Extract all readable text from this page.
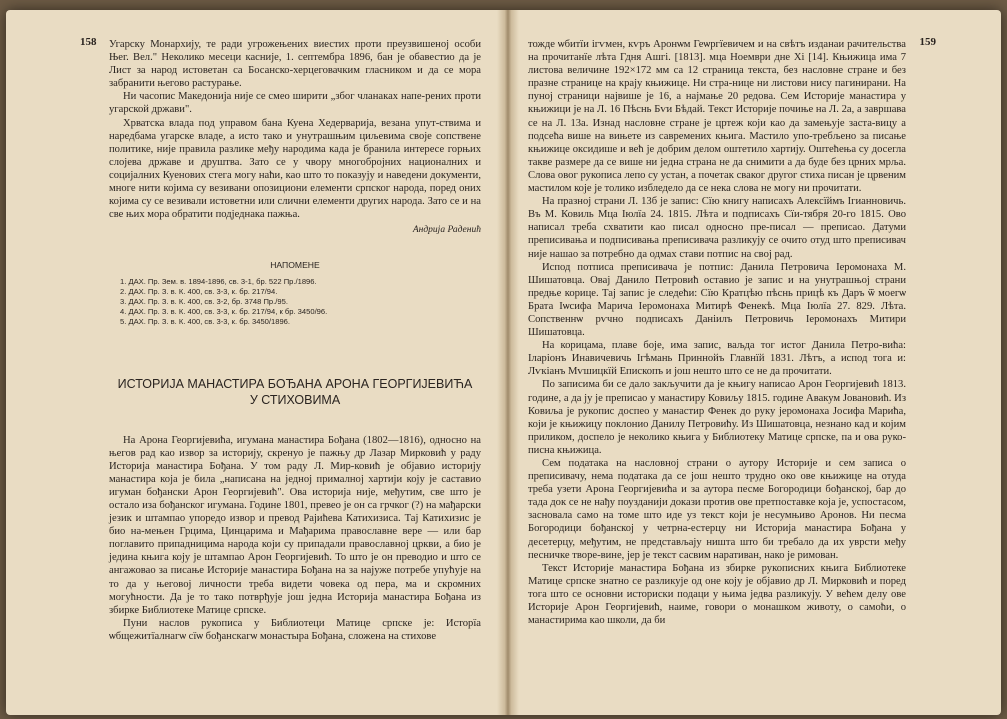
158 Угарску Монархију, те ради угрожењених виестих прoти преузвишеној особи Њег. Вел." Неколико месеци касније, 1. септембра 1896, бан је обавестиo да је Лист за народ истоветан са Босанско-херцеговачким гласником и да се мора забранити његово растурање.

Ни часопис Македонија није се смео ширити „због чланакаx напе-рених проти угарской држави".

Хрватска влада под управом бана Куена Хедерварија, везана упут-ствима и наредбама угарске владе, а исто тако и унутрашњим циљевима своје сопствене политике, није правила разлике међу народима када је бранила интересе горњих слојева државе и друштва. Зато се у чвору многобројних националних и социјалних Куенових стега могу наћи, као што то показују и наведени документи, многе нити којима су везивани опозициони елементи српског народа, поред оних којима су се везивали истоветни или слични елементи других народа. Зато се и на све њих мора обратити подједнака пажња.

Андрија Раденић
НАПОМЕНЕ
1. ДАХ. Пр. Зем. в. 1894-1896, св. 3-1, бр. 522 Пр./1896.
2. ДАХ. Пр. З. в. К. 400, св. 3-3, к. бр. 217/94.
3. ДАХ. Пр. З. в. К. 400, св. 3-2, бр. 3748 Пр./95.
4. ДАХ. Пр. З. в. К. 400, св. 3-3, к. бр. 217/94, к бр. 3450/96.
5. ДАХ. Пр. З. в. К. 400, св. 3-3, к. бр. 3450/1896.
ИСТОРИЈА МАНАСТИРА БОЂАНА АРОНА ГЕОРГИЈЕВИЋА
У СТИХОВИМА

На Арона Георгијевића, игумана манастира Бођана (1802—1816), односно на његов рад као извор за историју, скренуо је пажњу др Лазар Мирковић у раду Историја манастира Бођана. У том раду Л. Мир-ковић је објавио историју манастира која је била „написана на једној прималној хартији коју је саставио игуман бођански Арон Георгијевић". Ова историја није, међутим, све што је остало иза бођанског игумана. Године 1801, превео је он са грчког (?) на мађарски језик и штампао упоредо извор и превод Рајићева Катихизиса. Тај Катихизис је био на-мењен Грцима, Цинцарима и Мађарима православне вере — или бар поглавито припадницима народа који су припадали православној цркви, а био је једина књига коју је штампао Арон Георгијевић. То што је он преводио и што се ангажовао за писање Историје манастира Бођана на за најуже потребе упућује на то да у његовој личности треба видети човека од пера, ма и скромних могућности. Да је то тако потврђује још једна Историја манастира Бођана из збирке Библиотеке Матице српске.

Пуни наслов рукописа у Библиотеци Матице српске је: Исторїа ѡбщежитїалнагѡ сїѡ бођанскагѡ монастыра Бођана, сложена на стихове

159

тожде ѡбитїи ігѵмен, кѵръ Аронѡм Геѡргїевичем и на свѣтъ изданаи рачительства на прочитанїе лѣта Гдня Ашгі. [1813]. мца Ноември дне Хі [14]. Књижица има 7 листова величине 192×172 мм са 12 страница текста, без насловне стране и без празне странице на крају књижице. Ни стра-нице ни листови нису пагинирани. На пуној страници највише је 16, а најмање 20 редова. Сем Историје манастира у књижици је на Л. 16 Пѣснь Бѵи Бѣдай. Текст Историје почиње на Л. 2а, а завршава се на Л. 13а. Изнад насловне стране је цртеж који као да замењује заста-вицу а подсећа више на вињете из савремених књига. Мастило упо-требљено за писање књижице оксидише и већ је добрим делом оштетило хартију. Оштећења су досегла такве размере да се више ни једна страна не да снимити а да буде без црних мрља. Слова овог рукописа лепо су устaн, а почетак сваког другог стиха писан је црвеним мастилом које је толико избледело да се нека слова не могу ни прочитати.

На празној страни Л. 13б је запис: Сїю книгу написахъ Алексїймъ Ігианновичь. Въ М. Ковиль Мца Іюлїа 24. 1815. Лѣта и подписахъ Сїи-тября 20-го 1815. Ово написал треба схватити као писал односно пре-писал — преписао. Датуми преписивања и подписивања преписивача разликују се очито отуд што преписивач није нашао за потребно да одмах стави потпис на свој рад.

Испод потписа преписивача је потпис: Данила Петровича Іеромонаха М. Шишатовца. Овај Данило Петровић оставио је запис и на унутрашњој страни предње корице. Тај запис је следећи: Сїю Кратцѣю пѣснь прицѣ къ Даръ ѿ моегѡ Брата Іѡсифа Марича Іеромонаха Митирѣ Фенекѣ. Мца Іюлїа 27. 829. Лѣта. Сопственнѡ рѵчно подписахъ Даніилъ Петровичь Іеромонахъ Митири Шишатовца.

На корицама, плаве боје, има запис, ваљда тог истог Данила Петро-вића: Іларіонъ Инавичевичь Ігѣмань Приннойъ Главнїй 1831. Лѣтъ, а испод тога и: Лѵкіанъ Мѵшицкїй Епископъ и још нешто што се не да прочитати.

По записима би се дало закључити да је књигу написао Арон Георгијевић 1813. године, а да ју је преписао у манастиру Ковиљу 1815. године Авакум Јовановић. Из Ковиља је рукопис доспео у манастир Фенек до руку јеромонаха Јосифа Марића, који је књижицу поклонио Данилу Петровићу. Из Шишатовца, незнано кад и којим приликом, доспело је неколико књига у Библиотеку Матице српске, па и ова руко-писна књижица.

Сем података на насловној страни о аутору Историје и сем записа о преписивачу, нема података да се још нешто трудно око ове књижице на отуда треба узети Арона Георгијевића и за аутора песме Богородици бођанској, бар до тада док се не нађу поузданији докази против ове претпоставке која је, успостасом, засновала само на томе што иде уз текст који је несумњиво Аронов. Ни песма Богородици бођанској у четрна-естерцу ни Историја манастира Бођана у десетерцу, међутим, не представљају ништа што би требало да их уврсти међу песничке творе-вине, јер је текст сасвим наративан, нако је римован.

Текст Историје манастира Бођана из збирке рукописних књига Библиотеке Матице српске знатно се разликује од оне коју је објавио др Л. Мирковић и поред тога што се основни историски подаци у њима једва разликују. У већем делу ове Историје Арон Георгијевић, наиме, говори о монашком животу, о самоћи, о манастирима као школи, да би
